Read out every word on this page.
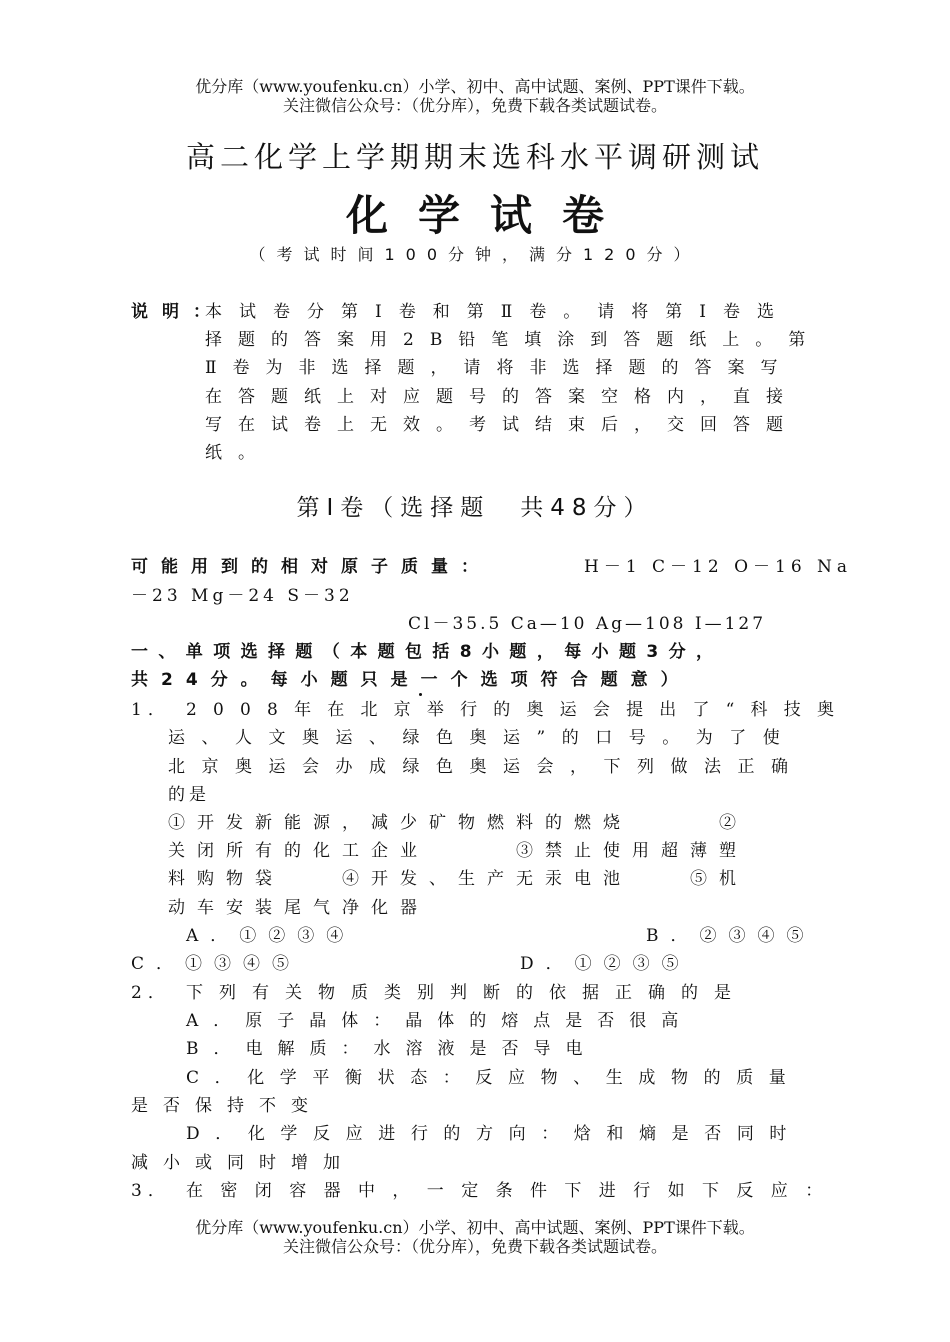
优分库（www.youfenku.cn）小学、初中、高中试题、案例、PPT课件下载。
关注微信公众号：（优分库），免费下载各类试题试卷。
高二化学上学期期末选科水平调研测试
化学试卷
（考试时间100分钟，满分120分）
说明：
本试卷分第Ⅰ卷和第Ⅱ卷。请将第Ⅰ卷选
择题的答案用2B铅笔填涂到答题纸上。第
Ⅱ卷为非选择题，请将非选择题的答案写
在答题纸上对应题号的答案空格内，直接
写在试卷上无效。考试结束后，交回答题
纸。
第Ⅰ卷（选择题　共48分）
可能用到的相对原子质量：	H－1 C－12 O－16 Na
－23 Mg－24 S－32
Cl－35.5 Ca—10 Ag—108 I—127
一、单项选择题（本题包括8小题，每小题3分，
共24分。每小题只是一个选项符合题意）
1． 2008年在北京举行的奥运会提出了“科技奥
运、人文奥运、绿色奥运”的口号。为了使
北京奥运会办成绿色奥运会，下列做法正确
的是
①开发新能源，减少矿物燃料的燃烧　　　②
关闭所有的化工企业　　　③禁止使用超薄塑
料购物袋　　④开发、生产无汞电池　　⑤机
动车安装尾气净化器
A．①②③④	B．②③④⑤
C．①③④⑤	D．①②③⑤
2． 下列有关物质类别判断的依据正确的是
A．原子晶体：晶体的熔点是否很高
B．电解质：水溶液是否导电
C．化学平衡状态：反应物、生成物的质量
是否保持不变
D．化学反应进行的方向：焓和熵是否同时
减小或同时增加
3． 在密闭容器中，一定条件下进行如下反应：
优分库（www.youfenku.cn）小学、初中、高中试题、案例、PPT课件下载。
关注微信公众号：（优分库），免费下载各类试题试卷。
